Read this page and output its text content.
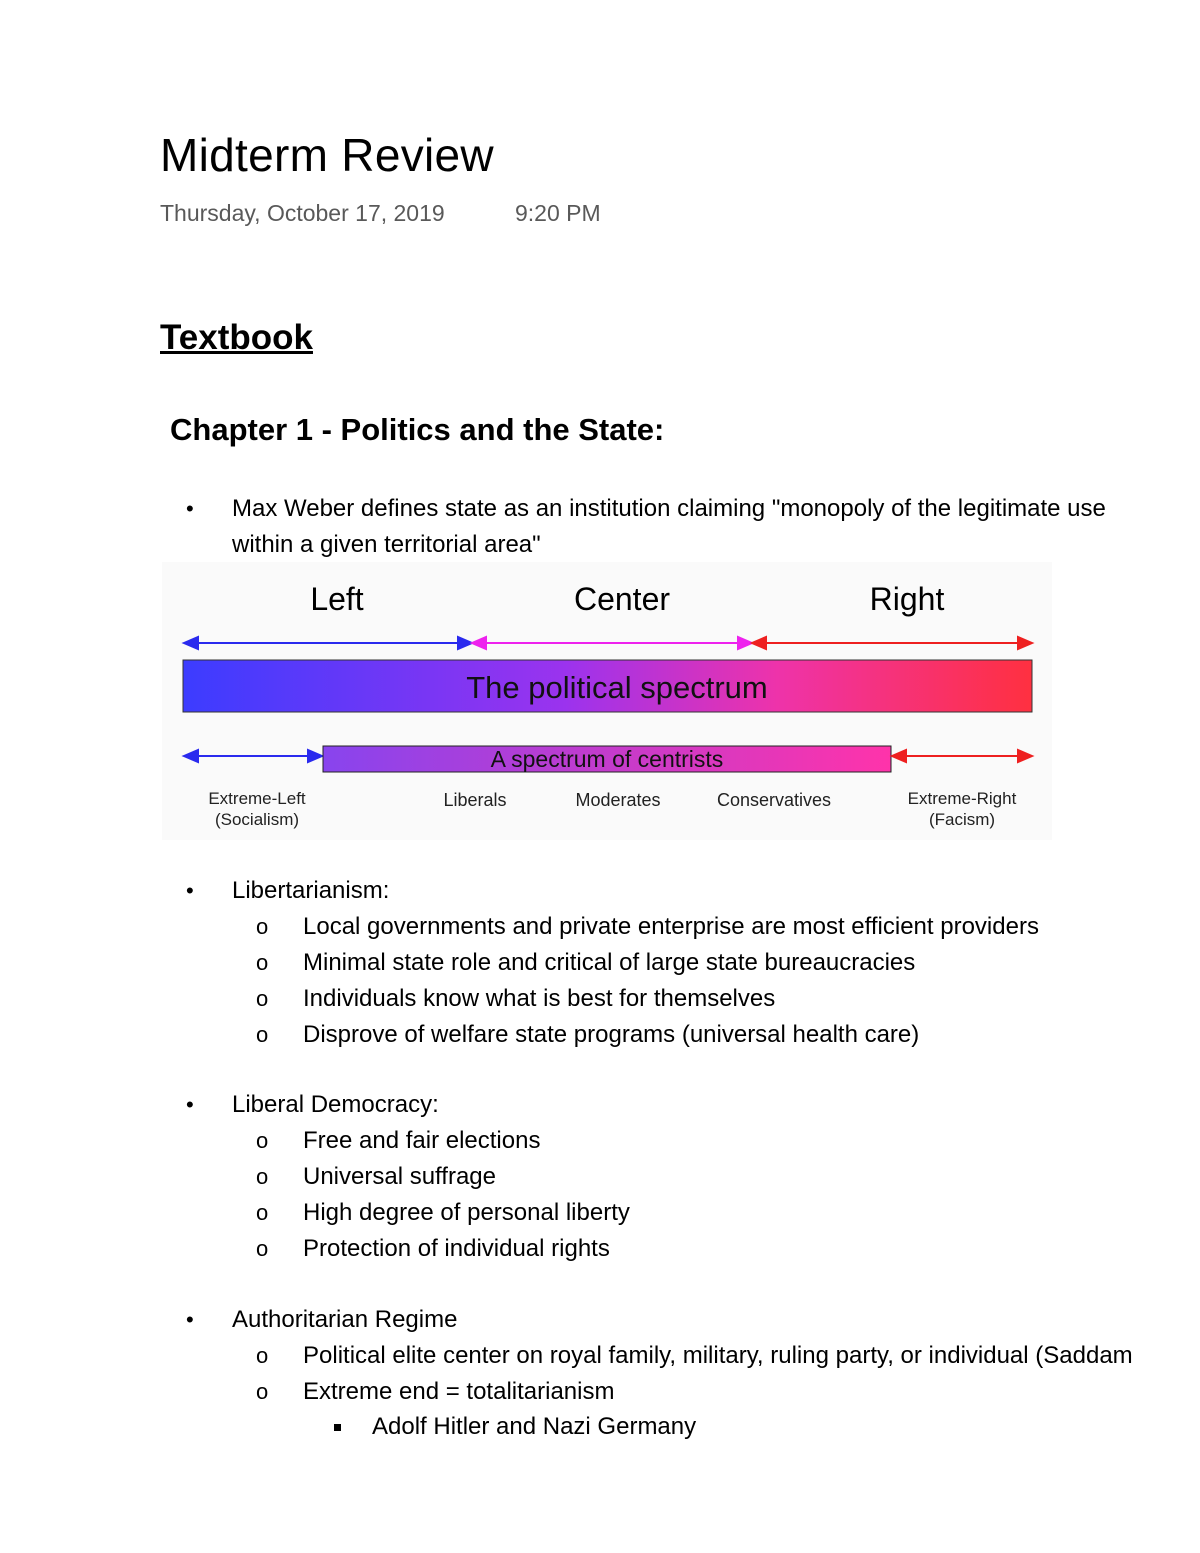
Midterm Review
Thursday, October 17, 2019	9:20 PM
Textbook
Chapter 1 - Politics and the State:
• Max Weber defines state as an institution claiming "monopoly of the legitimate use
within a given territorial area"
Left	Center	Right
The political spectrum
A spectrum of centrists
Extreme-Left
(Socialism)
Liberals	Moderates	Conservatives	Extreme-Right
(Facism)
• Libertarianism:
o Local governments and private enterprise are most efficient providers
o Minimal state role and critical of large state bureaucracies
o Individuals know what is best for themselves
o Disprove of welfare state programs (universal health care)
• Liberal Democracy:
o Free and fair elections
o Universal suffrage
o High degree of personal liberty
o Protection of individual rights
• Authoritarian Regime
o Political elite center on royal family, military, ruling party, or individual (Saddam
o Extreme end = totalitarianism
Adolf Hitler and Nazi Germany
